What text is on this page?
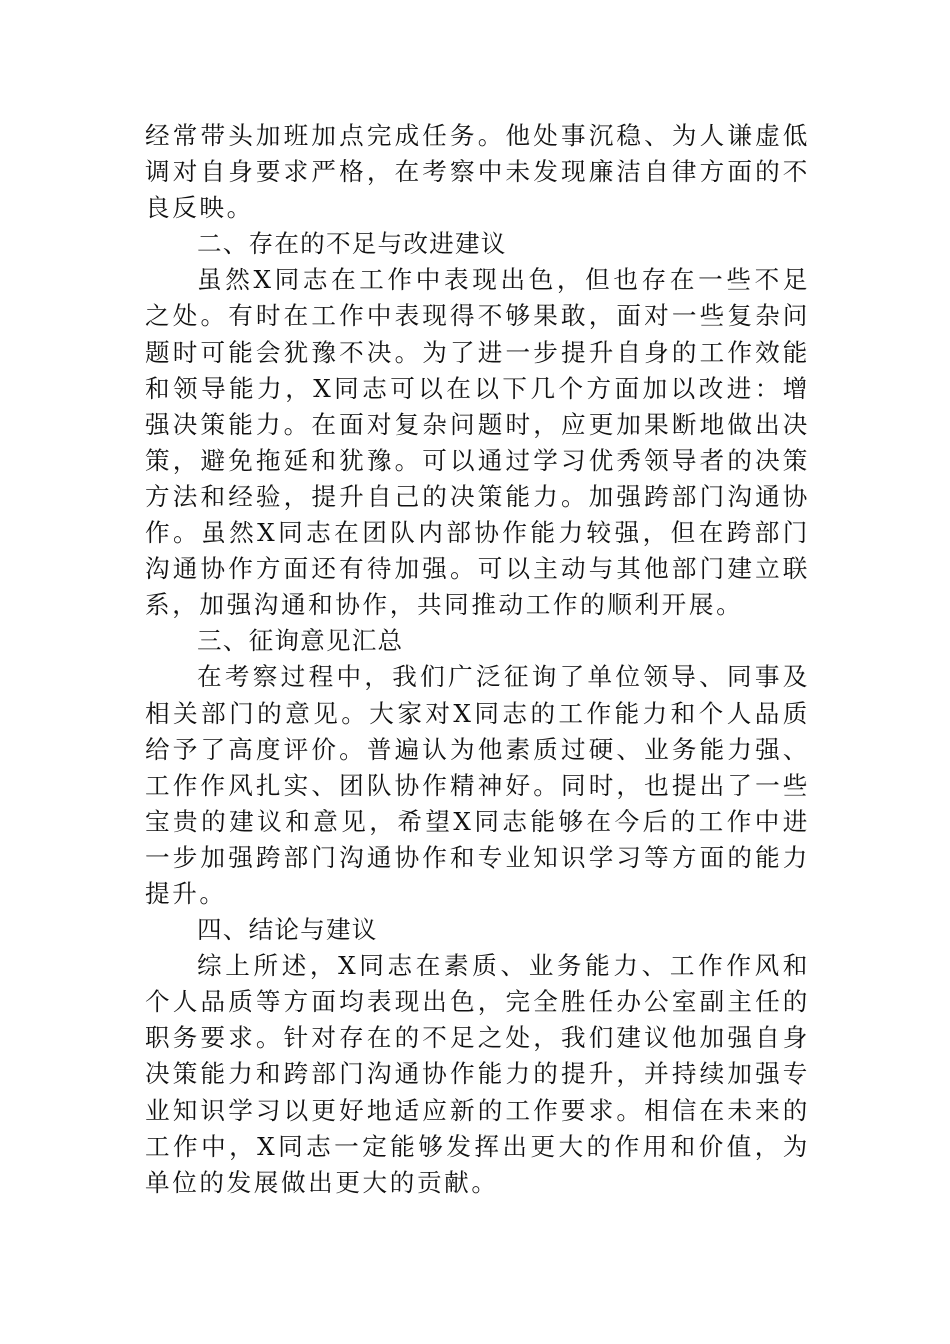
经常带头加班加点完成任务。他处事沉稳、为人谦虚低调对自身要求严格，在考察中未发现廉洁自律方面的不良反映。

二、存在的不足与改进建议

虽然X同志在工作中表现出色，但也存在一些不足之处。有时在工作中表现得不够果敢，面对一些复杂问题时可能会犹豫不决。为了进一步提升自身的工作效能和领导能力，X同志可以在以下几个方面加以改进：增强决策能力。在面对复杂问题时，应更加果断地做出决策，避免拖延和犹豫。可以通过学习优秀领导者的决策方法和经验，提升自己的决策能力。加强跨部门沟通协作。虽然X同志在团队内部协作能力较强，但在跨部门沟通协作方面还有待加强。可以主动与其他部门建立联系，加强沟通和协作，共同推动工作的顺利开展。

三、征询意见汇总

在考察过程中，我们广泛征询了单位领导、同事及相关部门的意见。大家对X同志的工作能力和个人品质给予了高度评价。普遍认为他素质过硬、业务能力强、工作作风扎实、团队协作精神好。同时，也提出了一些宝贵的建议和意见，希望X同志能够在今后的工作中进一步加强跨部门沟通协作和专业知识学习等方面的能力提升。

四、结论与建议

综上所述，X同志在素质、业务能力、工作作风和个人品质等方面均表现出色，完全胜任办公室副主任的职务要求。针对存在的不足之处，我们建议他加强自身决策能力和跨部门沟通协作能力的提升，并持续加强专业知识学习以更好地适应新的工作要求。相信在未来的工作中，X同志一定能够发挥出更大的作用和价值，为单位的发展做出更大的贡献。
